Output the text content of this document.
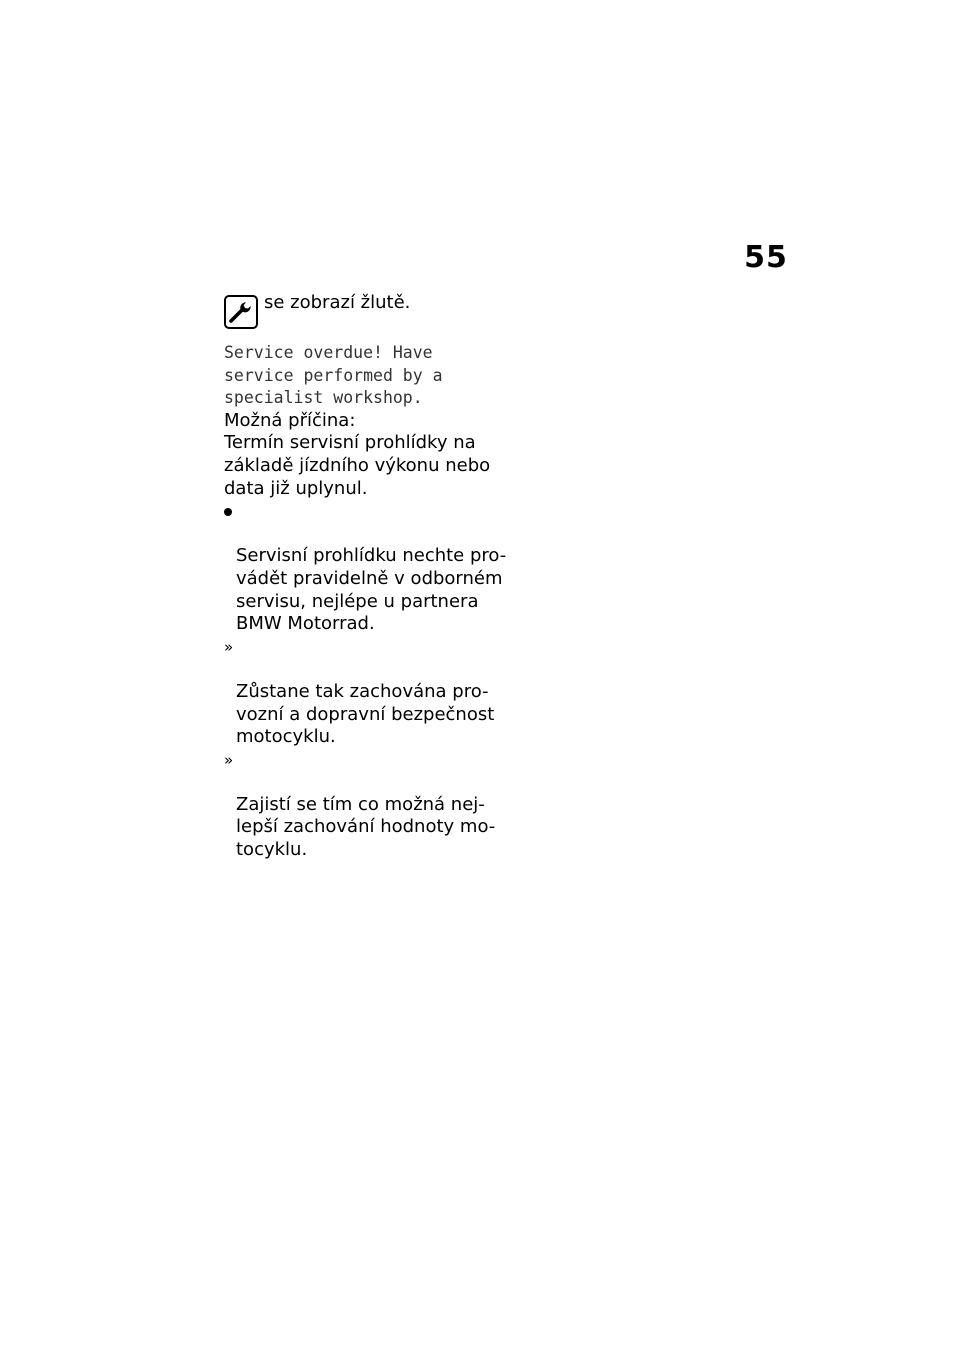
55
se zobrazí žlutě.
Service overdue! Have
service performed by a
specialist workshop.
Možná příčina:
Termín servisní prohlídky na
základě jízdního výkonu nebo
data již uplynul.

Servisní prohlídku nechte pro-
vádět pravidelně v odborném
servisu, nejlépe u partnera
BMW Motorrad.

»

Zůstane tak zachována pro-
vozní a dopravní bezpečnost
motocyklu.

»

Zajistí se tím co možná nej-
lepší zachování hodnoty mo-
tocyklu.
